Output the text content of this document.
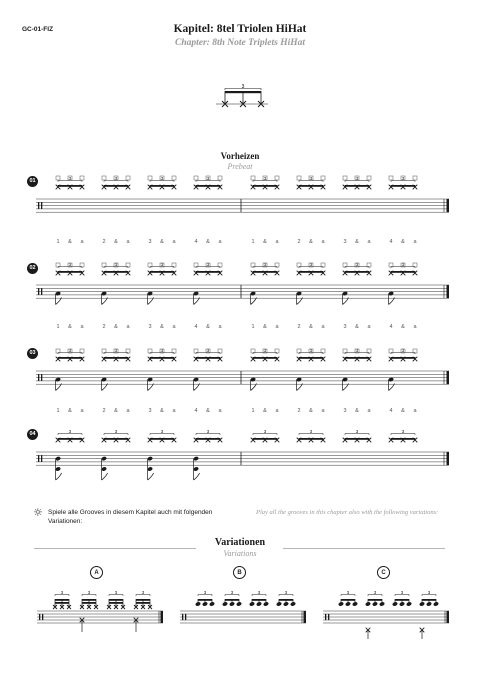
GC-01-FIZ	Kapitel: 8tel Triolen HiHat
Chapter: 8th Note Triplets HiHat
3
Vorheizen
Prebeat
01
02
03
04
3	3	3	3	3	3	3	3
1 & a	2 & a	3 & a	4 & a	1 & a	2 & a	3 & a	4 & a
3	3	3	3	3	3	3	3
1 & a	2 & a	3 & a	4 & a	1 & a	2 & a	3 & a	4 & a
3	3	3	3	3	3	3	3
1 & a	2 & a	3 & a	4 & a	1 & a	2 & a	3 & a	4 & a
3	3	3	3	3	3	3	3
☼ Spiele alle Grooves in diesem Kapitel auch mit folgenden Variationen:
Play all the grooves in this chapter also with the following variations:
Variationen
Variations
A	B	C
3	3	3	3	3	3	3	3	3	3	3	3
